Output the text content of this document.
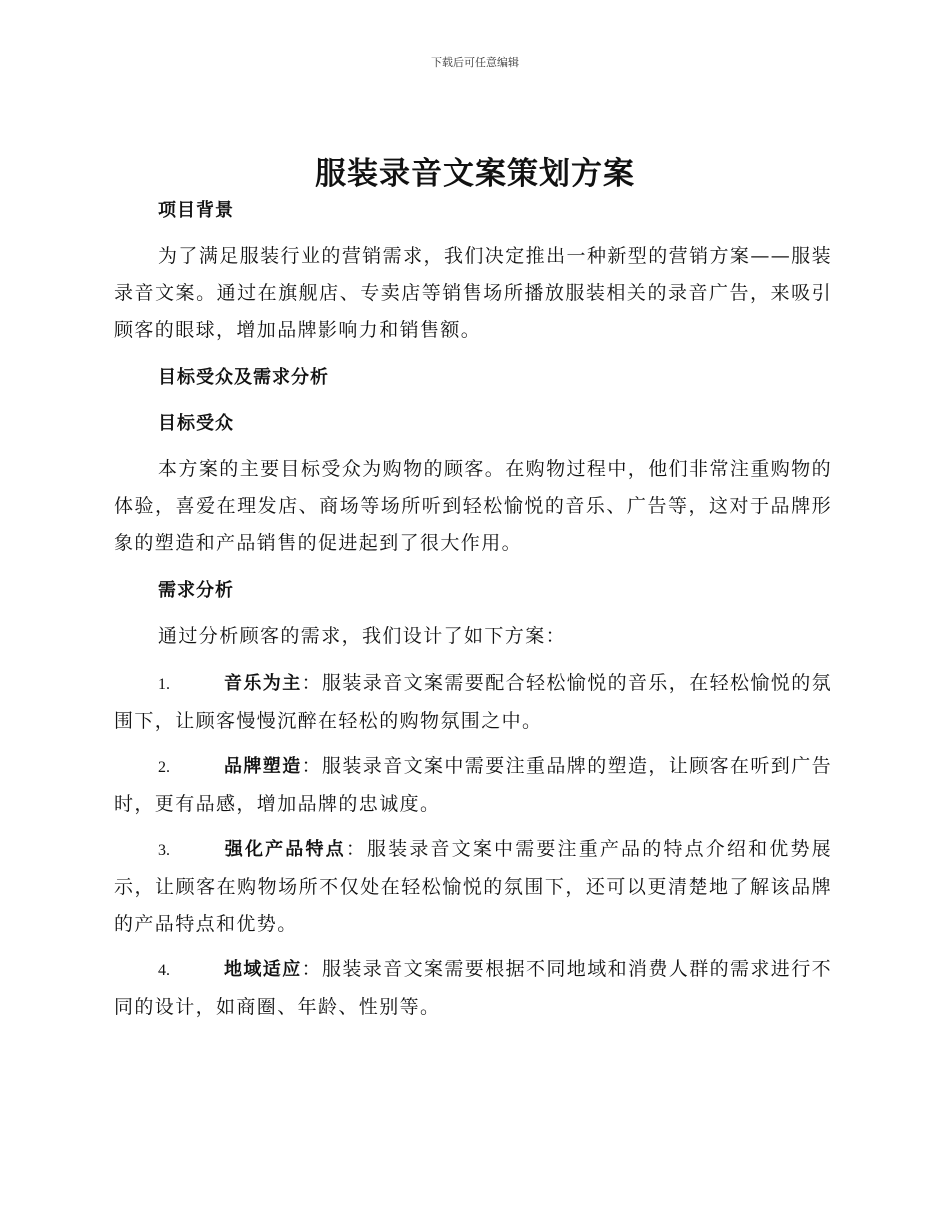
下载后可任意编辑
服装录音文案策划方案

项目背景

为了满足服装行业的营销需求，我们决定推出一种新型的营销方案——服装录音文案。通过在旗舰店、专卖店等销售场所播放服装相关的录音广告，来吸引顾客的眼球，增加品牌影响力和销售额。

目标受众及需求分析

目标受众

本方案的主要目标受众为购物的顾客。在购物过程中，他们非常注重购物的体验，喜爱在理发店、商场等场所听到轻松愉悦的音乐、广告等，这对于品牌形象的塑造和产品销售的促进起到了很大作用。

需求分析

通过分析顾客的需求，我们设计了如下方案：

1.	音乐为主：服装录音文案需要配合轻松愉悦的音乐，在轻松愉悦的氛围下，让顾客慢慢沉醉在轻松的购物氛围之中。
2.	品牌塑造：服装录音文案中需要注重品牌的塑造，让顾客在听到广告时，更有品感，增加品牌的忠诚度。
3.	强化产品特点：服装录音文案中需要注重产品的特点介绍和优势展示，让顾客在购物场所不仅处在轻松愉悦的氛围下，还可以更清楚地了解该品牌的产品特点和优势。
4.	地域适应：服装录音文案需要根据不同地域和消费人群的需求进行不同的设计，如商圈、年龄、性别等。
